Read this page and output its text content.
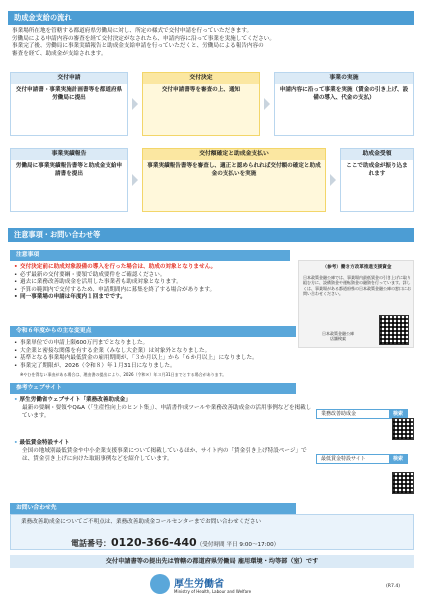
助成金支給の流れ
事業場所在地を管轄する都道府県労働局に対し、所定の様式で交付申請を行っていただきます。
労働局による申請内容の審査を経て交付決定がなされたら、申請内容に沿って事業を実施してください。
事業完了後、労働局に事業実績報告と助成金支給申請を行っていただくと、労働局による報告内容の
審査を経て、助成金が支給されます。
交付申請
交付申請書・事業実施計画書等を都道府県労働局に提出
交付決定
交付申請書等を審査の上、通知
事業の実施
申請内容に沿って事業を実施（賃金の引き上げ、設備の導入、代金の支払）
事業実績報告
労働局に事業実績報告書等と助成金支給申請書を提出
交付額確定と助成金支払い
事業実績報告書等を審査し、適正と認められれば交付額の確定と助成金の支払いを実施
助成金受領
ここで助成金が振り込まれます
注意事項・お問い合わせ等
注意事項
• 交付決定前に助成対象設備の導入を行った場合は、助成の対象となりません。
• 必ず最新の交付要綱・要領で助成要件をご確認ください。
• 過去に業務改善助成金を活用した事業者も助成対象となります。
• 予算の範囲内で交付するため、申請期間内に募集を終了する場合があります。
• 同一事業場の申請は年度内１回までです。
（参考）働き方改革推進支援資金
日本政策金融公庫では、事業場内最低賃金の引き上げに取り組む方に、設備資金や運転資金の融資を行っています。詳しくは、事業場がある都道府県の日本政策金融公庫の窓口にお問い合わせください。
日本政策金融公庫
店舗検索
令和６年度からの主な変更点
• 事業単位での申請上限600万円までとなりました。
• 大企業と密接な関係を有する企業（みなし大企業）は対象外となりました。
• 基準となる事業場内最低賃金の雇用期間が、「３か月以上」から「６か月以上」になりました。
• 事業完了期限が、2026（令和８）年１月31日になりました。
※やむを得ない事由がある場合は、理由書の提出により、2026（令和８）年３月31日までとする場合があります。
参考ウェブサイト
• 厚生労働省ウェブサイト「業務改善助成金」
最新の要綱・要領やQ&A（「生産性向上のヒント集」）、申請書作成ツールや業務改善助成金の活用事例などを掲載しています。	業務改善助成金	検索
• 最低賃金特設サイト
全国の地域別最低賃金や中小企業支援事業について掲載しているほか、サイト内の「賃金引き上げ特設ページ」では、賃金引き上げに向けた取組事例などを紹介しています。	最低賃金特設サイト	検索
お問い合わせ先
業務改善助成金についてご不明点は、業務改善助成金コールセンターまでお問い合わせください
電話番号：0120-366-440（受付時間 平日 9:00～17:00）
交付申請書等の提出先は管轄の都道府県労働局 雇用環境・均等部（室）です
厚生労働省
Ministry of Health, Labour and Welfare
(R7.4)
